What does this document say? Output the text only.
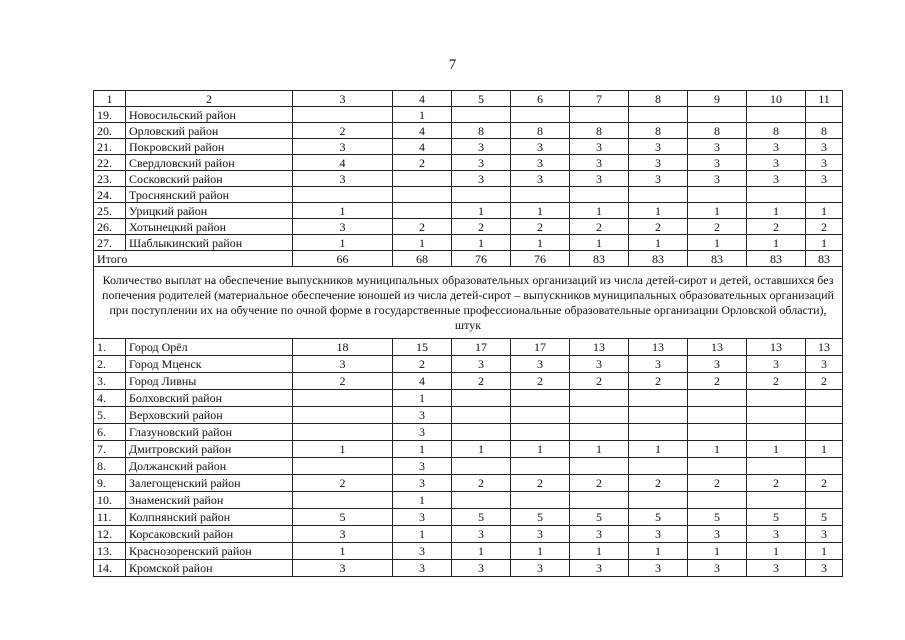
7
1	2	3	4	5	6	7	8	9	10	11
19.	Новосильский район		1							
20.	Орловский район	2	4	8	8	8	8	8	8	8
21.	Покровский район	3	4	3	3	3	3	3	3	3
22.	Свердловский район	4	2	3	3	3	3	3	3	3
23.	Сосковский район	3		3	3	3	3	3	3	3
24.	Троснянский район									
25.	Урицкий район	1		1	1	1	1	1	1	1
26.	Хотынецкий район	3	2	2	2	2	2	2	2	2
27.	Шаблыкинский район	1	1	1	1	1	1	1	1	1
Итого		66	68	76	76	83	83	83	83	83
Количество выплат на обеспечение выпускников муниципальных образовательных организаций из числа детей-сирот и детей, оставшихся без попечения родителей (материальное обеспечение юношей из числа детей-сирот – выпускников муниципальных образовательных организаций при поступлении их на обучение по очной форме в государственные профессиональные образовательные организации Орловской области), штук										
1.	Город Орёл	18	15	17	17	13	13	13	13	13
2.	Город Мценск	3	2	3	3	3	3	3	3	3
3.	Город Ливны	2	4	2	2	2	2	2	2	2
4.	Болховский район		1							
5.	Верховский район		3							
6.	Глазуновский район		3							
7.	Дмитровский район	1	1	1	1	1	1	1	1	1
8.	Должанский район		3							
9.	Залегощенский район	2	3	2	2	2	2	2	2	2
10.	Знаменский район		1							
11.	Колпнянский район	5	3	5	5	5	5	5	5	5
12.	Корсаковский район	3	1	3	3	3	3	3	3	3
13.	Краснозоренский район	1	3	1	1	1	1	1	1	1
14.	Кромской район	3	3	3	3	3	3	3	3	3
